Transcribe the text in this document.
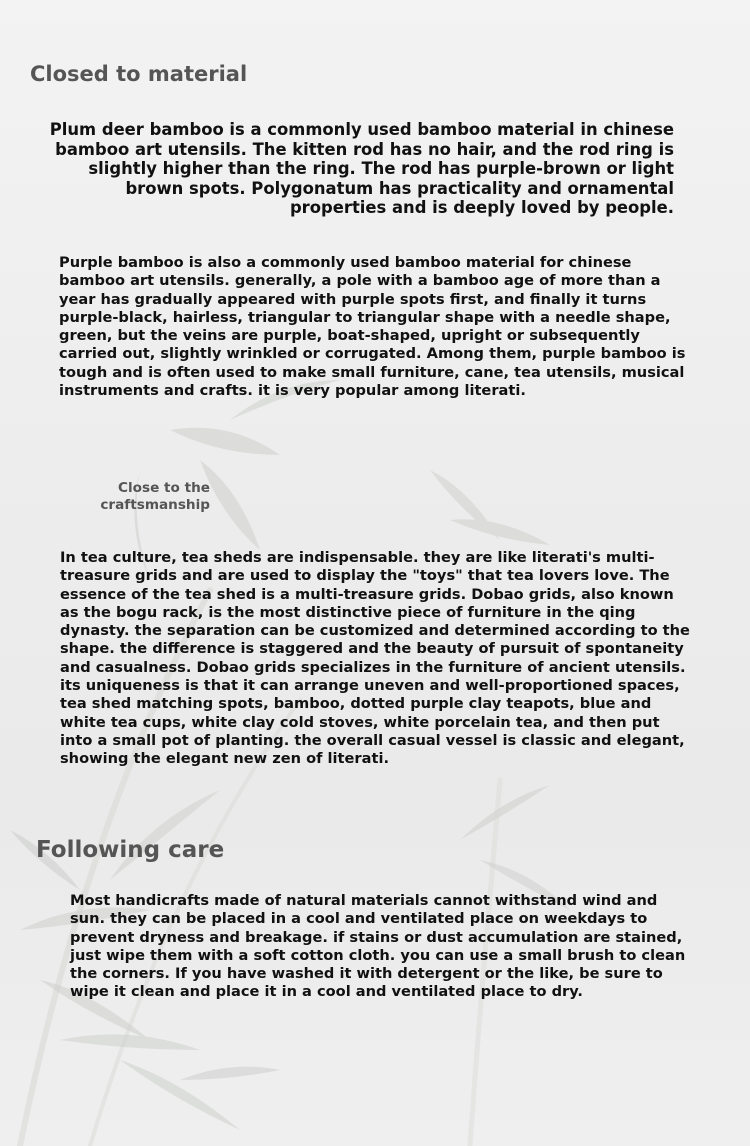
Closed to material

Plum deer bamboo is a commonly used bamboo material in chinese bamboo art utensils. The kitten rod has no hair, and the rod ring is slightly higher than the ring. The rod has purple-brown or light brown spots. Polygonatum has practicality and ornamental properties and is deeply loved by people.

Purple bamboo is also a commonly used bamboo material for chinese bamboo art utensils. generally, a pole with a bamboo age of more than a year has gradually appeared with purple spots first, and finally it turns purple-black, hairless, triangular to triangular shape with a needle shape, green, but the veins are purple, boat-shaped, upright or subsequently carried out, slightly wrinkled or corrugated. Among them, purple bamboo is tough and is often used to make small furniture, cane, tea utensils, musical instruments and crafts. it is very popular among literati.

Close to the craftsmanship

In tea culture, tea sheds are indispensable. they are like literati's multi-treasure grids and are used to display the "toys" that tea lovers love. The essence of the tea shed is a multi-treasure grids. Dobao grids, also known as the bogu rack, is the most distinctive piece of furniture in the qing dynasty. the separation can be customized and determined according to the shape. the difference is staggered and the beauty of pursuit of spontaneity and casualness. Dobao grids specializes in the furniture of ancient utensils. its uniqueness is that it can arrange uneven and well-proportioned spaces, tea shed matching spots, bamboo, dotted purple clay teapots, blue and white tea cups, white clay cold stoves, white porcelain tea, and then put into a small pot of planting. the overall casual vessel is classic and elegant, showing the elegant new zen of literati.

Following care

Most handicrafts made of natural materials cannot withstand wind and sun. they can be placed in a cool and ventilated place on weekdays to prevent dryness and breakage. if stains or dust accumulation are stained, just wipe them with a soft cotton cloth. you can use a small brush to clean the corners. If you have washed it with detergent or the like, be sure to wipe it clean and place it in a cool and ventilated place to dry.
